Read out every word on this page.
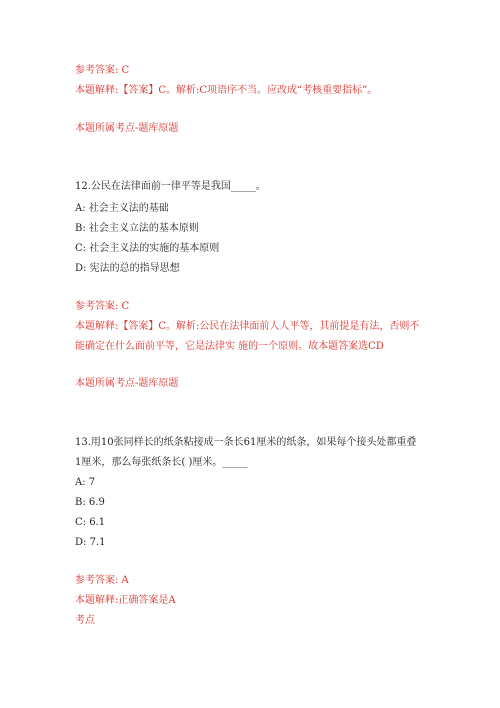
参考答案: C
本题解释:【答案】C。解析:C项语序不当。应改成“考核重要指标”。
本题所属考点-题库原题
12.公民在法律面前一律平等是我国_____。
A: 社会主义法的基础
B: 社会主义立法的基本原则
C: 社会主义法的实施的基本原则
D: 宪法的总的指导思想
参考答案: C
本题解释:【答案】C。解析:公民在法律面前人人平等，其前提是有法，否则不
能确定在什么面前平等，它是法律实 施的一个原则。故本题答案选CD
本题所属考点-题库原题
13.用10张同样长的纸条粘接成一条长61厘米的纸条，如果每个接头处都重叠
1厘米，那么每张纸条长( )厘米。_____
A: 7
B: 6.9
C: 6.1
D: 7.1
参考答案: A
本题解释:正确答案是A
考点
